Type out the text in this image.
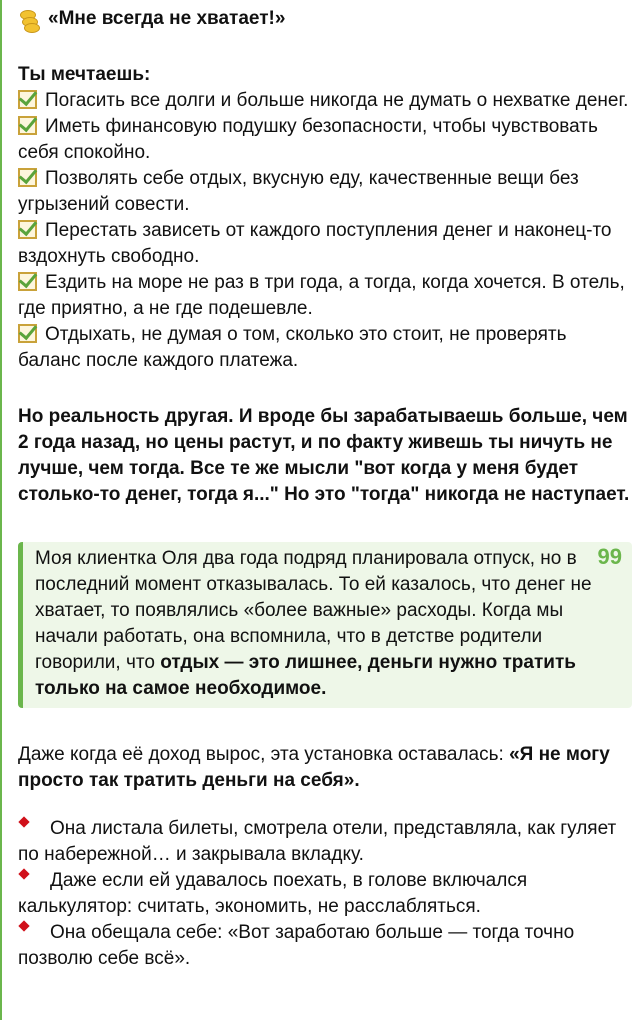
«Мне всегда не хватает!»
Ты мечтаешь:
Погасить все долги и больше никогда не думать о нехватке денег.
Иметь финансовую подушку безопасности, чтобы чувствовать себя спокойно.
Позволять себе отдых, вкусную еду, качественные вещи без угрызений совести.
Перестать зависеть от каждого поступления денег и наконец-то вздохнуть свободно.
Ездить на море не раз в три года, а тогда, когда хочется. В отель, где приятно, а не где подешевле.
Отдыхать, не думая о том, сколько это стоит, не проверять баланс после каждого платежа.
Но реальность другая. И вроде бы зарабатываешь больше, чем 2 года назад, но цены растут, и по факту живешь ты ничуть не лучше, чем тогда. Все те же мысли "вот когда у меня будет столько-то денег, тогда я..." Но это "тогда" никогда не наступает.
99
Моя клиентка Оля два года подряд планировала отпуск, но в последний момент отказывалась. То ей казалось, что денег не хватает, то появлялись «более важные» расходы. Когда мы начали работать, она вспомнила, что в детстве родители говорили, что отдых — это лишнее, деньги нужно тратить только на самое необходимое.
Даже когда её доход вырос, эта установка оставалась: «Я не могу просто так тратить деньги на себя».
Она листала билеты, смотрела отели, представляла, как гуляет по набережной… и закрывала вкладку.
Даже если ей удавалось поехать, в голове включался калькулятор: считать, экономить, не расслабляться.
Она обещала себе: «Вот заработаю больше — тогда точно позволю себе всё».
